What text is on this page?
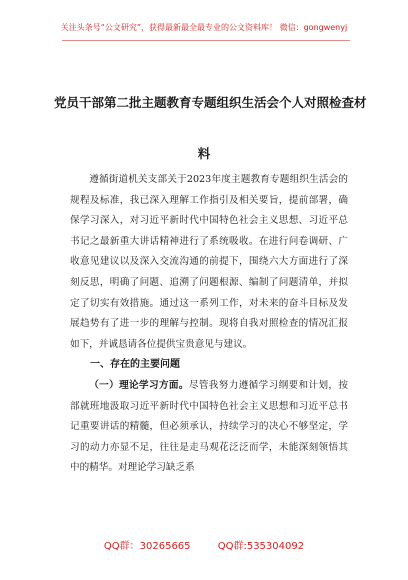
关注头条号“公文研究”，获得最新最全最专业的公文资料库！ 微信：gongwenyj
党员干部第二批主题教育专题组织生活会个人对照检查材
料

遵循街道机关支部关于2023年度主题教育专题组织生活会的规程及标准，我已深入理解工作指引及相关要旨，提前部署，确保学习深入，对习近平新时代中国特色社会主义思想、习近平总书记之最新重大讲话精神进行了系统吸收。在进行问卷调研、广收意见建议以及深入交流沟通的前提下，围绕六大方面进行了深刻反思，明确了问题、追溯了问题根源、编制了问题清单，并拟定了切实有效措施。通过这一系列工作，对未来的奋斗目标及发展趋势有了进一步的理解与控制。现将自我对照检查的情况汇报如下，并诚恳请各位提供宝贵意见与建议。

一、存在的主要问题

（一）理论学习方面。尽管我努力遵循学习纲要和计划，按部就班地汲取习近平新时代中国特色社会主义思想和习近平总书记重要讲话的精髓，但必须承认，持续学习的决心不够坚定，学习的动力亦显不足，往往是走马观花泛泛而学，未能深刻领悟其中的精华。对理论学习缺乏系

QQ群：30265665	QQ群:535304092
